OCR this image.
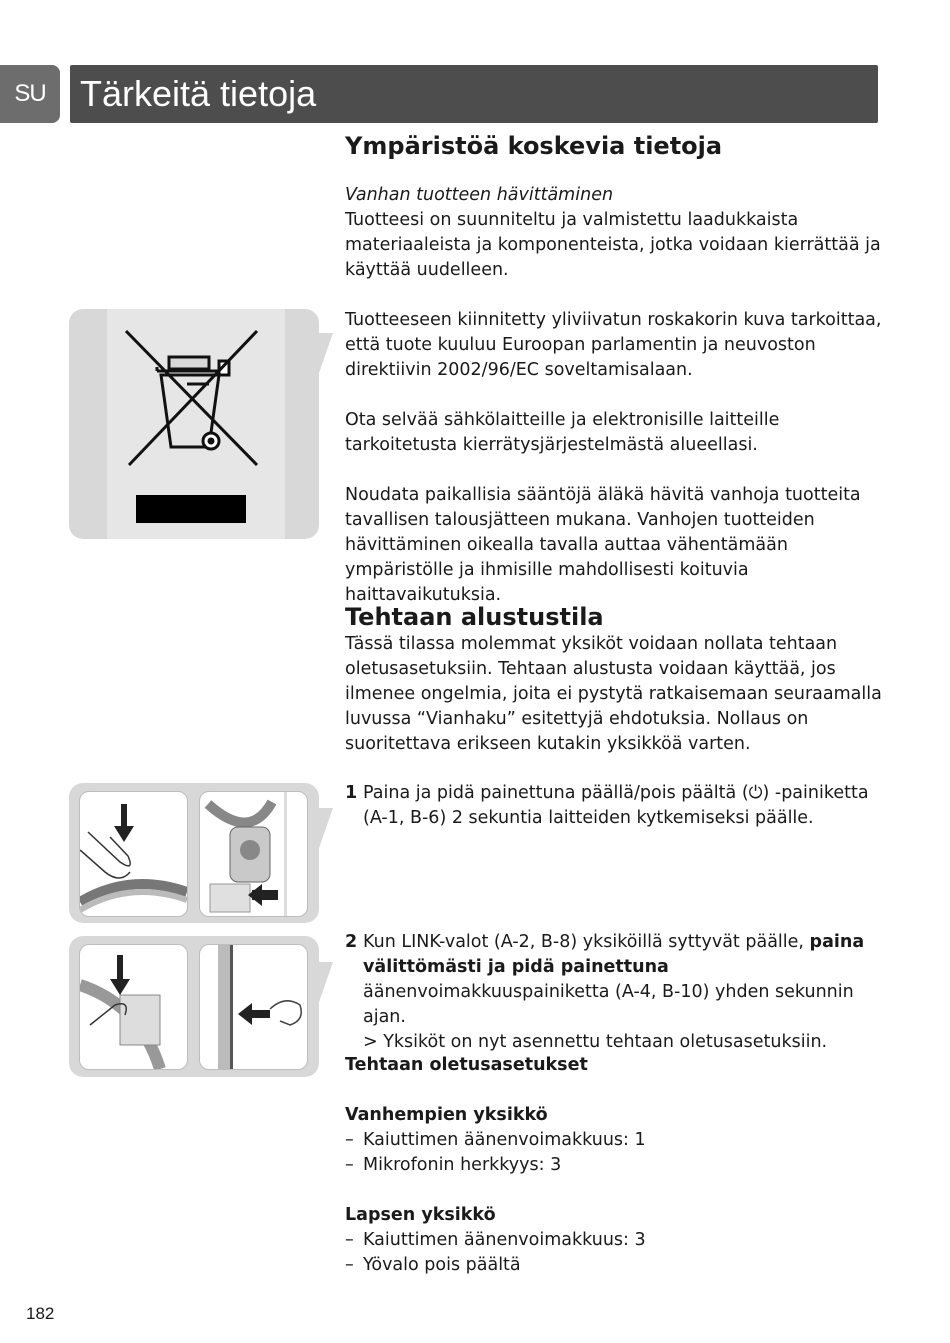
SU Tärkeitä tietoja
Ympäristöä koskevia tietoja

Vanhan tuotteen hävittäminen

Tuotteesi on suunniteltu ja valmistettu laadukkaista materiaaleista ja komponenteista, jotka voidaan kierrättää ja käyttää uudelleen.

Tuotteeseen kiinnitetty yliviivatun roskakorin kuva tarkoittaa, että tuote kuuluu Euroopan parlamentin ja neuvoston direktiivin 2002/96/EC soveltamisalaan.

Ota selvää sähkölaitteille ja elektronisille laitteille tarkoitetusta kierrätysjärjestelmästä alueellasi.

Noudata paikallisia sääntöjä äläkä hävitä vanhoja tuotteita tavallisen talousjätteen mukana. Vanhojen tuotteiden hävittäminen oikealla tavalla auttaa vähentämään ympäristölle ja ihmisille mahdollisesti koituvia haittavaikutuksia.

Tehtaan alustustila

Tässä tilassa molemmat yksiköt voidaan nollata tehtaan oletusasetuksiin. Tehtaan alustusta voidaan käyttää, jos ilmenee ongelmia, joita ei pystytä ratkaisemaan seuraamalla luvussa “Vianhaku” esitettyjä ehdotuksia. Nollaus on suoritettava erikseen kutakin yksikköä varten.

1 Paina ja pidä painettuna päällä/pois päältä (⏻) -painiketta (A-1, B-6) 2 sekuntia laitteiden kytkemiseksi päälle.
2 Kun LINK-valot (A-2, B-8) yksiköillä syttyvät päälle, paina välittömästi ja pidä painettuna äänenvoimakkuuspainiketta (A-4, B-10) yhden sekunnin ajan.
> Yksiköt on nyt asennettu tehtaan oletusasetuksiin.

Tehtaan oletusasetukset

Vanhempien yksikkö

– Kaiuttimen äänenvoimakkuus: 1
– Mikrofonin herkkyys: 3

Lapsen yksikkö

– Kaiuttimen äänenvoimakkuus: 3
– Yövalo pois päältä
182
